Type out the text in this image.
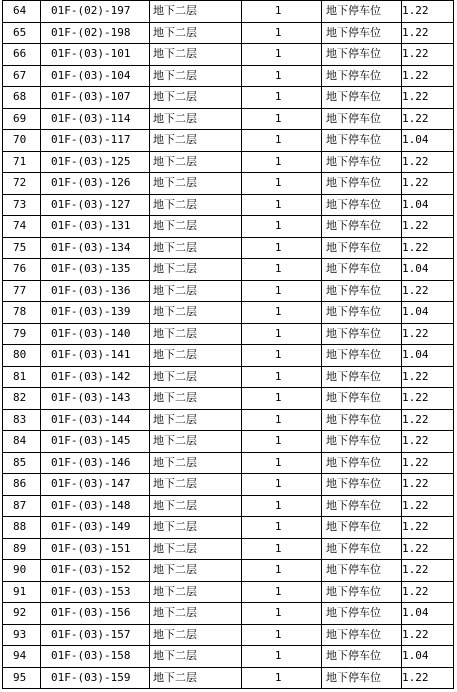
64	01F-(02)-197	地下二层	1		地下停车位	1.22
65	01F-(02)-198	地下二层	1		地下停车位	1.22
66	01F-(03)-101	地下二层	1		地下停车位	1.22
67	01F-(03)-104	地下二层	1		地下停车位	1.22
68	01F-(03)-107	地下二层	1		地下停车位	1.22
69	01F-(03)-114	地下二层	1		地下停车位	1.22
70	01F-(03)-117	地下二层	1		地下停车位	1.04
71	01F-(03)-125	地下二层	1		地下停车位	1.22
72	01F-(03)-126	地下二层	1		地下停车位	1.22
73	01F-(03)-127	地下二层	1		地下停车位	1.04
74	01F-(03)-131	地下二层	1		地下停车位	1.22
75	01F-(03)-134	地下二层	1		地下停车位	1.22
76	01F-(03)-135	地下二层	1		地下停车位	1.04
77	01F-(03)-136	地下二层	1		地下停车位	1.22
78	01F-(03)-139	地下二层	1		地下停车位	1.04
79	01F-(03)-140	地下二层	1		地下停车位	1.22
80	01F-(03)-141	地下二层	1		地下停车位	1.04
81	01F-(03)-142	地下二层	1		地下停车位	1.22
82	01F-(03)-143	地下二层	1		地下停车位	1.22
83	01F-(03)-144	地下二层	1		地下停车位	1.22
84	01F-(03)-145	地下二层	1		地下停车位	1.22
85	01F-(03)-146	地下二层	1		地下停车位	1.22
86	01F-(03)-147	地下二层	1		地下停车位	1.22
87	01F-(03)-148	地下二层	1		地下停车位	1.22
88	01F-(03)-149	地下二层	1		地下停车位	1.22
89	01F-(03)-151	地下二层	1		地下停车位	1.22
90	01F-(03)-152	地下二层	1		地下停车位	1.22
91	01F-(03)-153	地下二层	1		地下停车位	1.22
92	01F-(03)-156	地下二层	1		地下停车位	1.04
93	01F-(03)-157	地下二层	1		地下停车位	1.22
94	01F-(03)-158	地下二层	1		地下停车位	1.04
95	01F-(03)-159	地下二层	1		地下停车位	1.22
